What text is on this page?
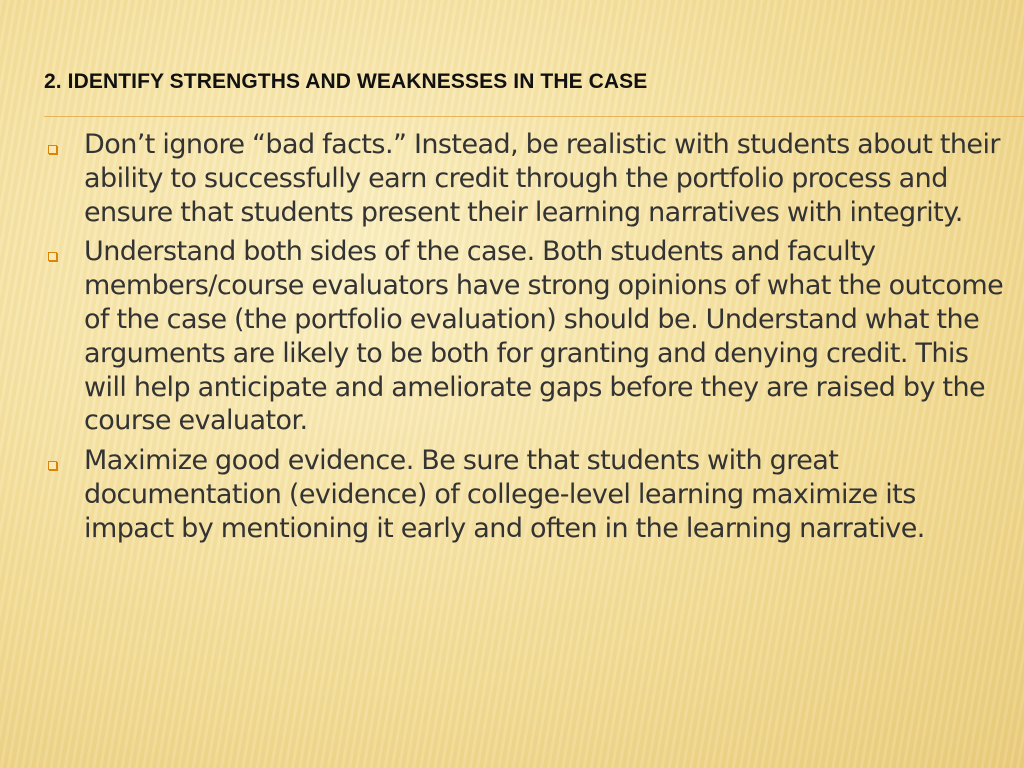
2. IDENTIFY STRENGTHS AND WEAKNESSES IN THE CASE
Don’t ignore “bad facts.” Instead, be realistic with students about their ability to successfully earn credit through the portfolio process and ensure that students present their learning narratives with integrity.
Understand both sides of the case. Both students and faculty members/course evaluators have strong opinions of what the outcome of the case (the portfolio evaluation) should be. Understand what the arguments are likely to be both for granting and denying credit. This will help anticipate and ameliorate gaps before they are raised by the course evaluator.
Maximize good evidence. Be sure that students with great documentation (evidence) of college-level learning maximize its impact by mentioning it early and often in the learning narrative.
